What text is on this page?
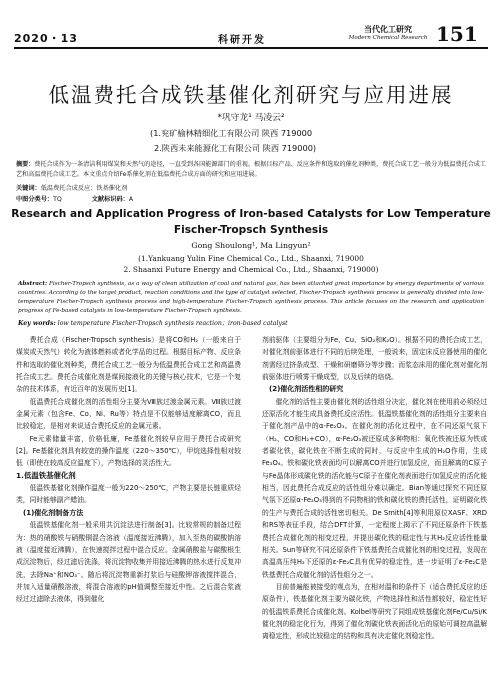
2020・13	科研开发
当代化工研究
Modern Chemical Research 151
低温费托合成铁基催化剂研究与应用进展
*巩守龙¹ 马凌云²
(1.兖矿榆林精细化工有限公司 陕西 719000
2.陕西未来能源化工有限公司 陕西 719000)
摘要：费托合成作为一条清洁利用煤炭和天然气的途径，一直受到各国能源部门的重视。根据目标产品、反应条件和选取的催化剂种类，费托合成工艺一般分为低温费托合成工艺和高温费托合成工艺。本文重点介绍Fe系催化剂在低温费托合成方面的研究和应用进展。
关键词：低温费托合成反应；铁基催化剂
中图分类号：TQ	文献标识码：A
Research and Application Progress of Iron-based Catalysts for Low Temperature Fischer-Tropsch Synthesis
Gong Shoulong¹, Ma Lingyun²
(1.Yankuang Yulin Fine Chemical Co., Ltd., Shaanxi, 719000
2. Shaanxi Future Energy and Chemical Co., Ltd., Shaanxi, 719000)
Abstract: Fischer-Tropsch synthesis, as a way of clean utilization of coal and natural gas, has been attached great importance by energy departments of various countries. According to the target product, reaction conditions and the type of catalyst selected, Fischer-Tropsch synthesis process is generally divided into low-temperature Fischer-Tropsch synthesis process and high-temperature Fischer-Tropsch synthesis process. This article focuses on the research and application progress of Fe-based catalysts in low-temperature Fischer-Tropsch synthesis.
Key words: low temperature Fischer-Tropsch synthesis reaction；iron-based catalyst

费托合成（Fischer-Tropsch synthesis）是将CO和H₂（一般来自于煤炭或天然气）转化为液体燃料或者化学品的过程。根据目标产物、反应条件和选取的催化剂种类，费托合成工艺一般分为低温费托合成工艺和高温费托合成工艺。费托合成催化剂是煤间接液化的关键与核心技术，它是一个复杂的技术体系，有近百年的发展历史[1]。

低温费托合成催化剂的活性组分主要为Ⅷ族过渡金属元素。Ⅷ族过渡金属元素（包含Fe、Co、Ni、Ru等）特点是不仅能够适度解离CO，而且比较稳定，是相对来说适合费托反应的金属元素。

Fe元素储量丰富，价格低廉，Fe基催化剂较早应用于费托合成研究[2]。Fe基催化剂具有较宽的操作温度（220～350℃），甲烷选择性相对较低（即使在较高反应温度下），产物选择的灵活性大。

1.低温铁基催化剂

低温铁基催化剂操作温度一般为220～250℃，产物主要是长链重质烃类，同时能够副产蜡油。

(1)催化剂制备方法

低温铁基催化剂一般采用共沉淀法进行制备[3]。比较常规的制备过程为：热的硝酸铁与硝酸铜混合溶液（温度接近沸腾），加入至热的碳酸钠溶液（温度接近沸腾），在快速搅拌过程中混合反应。金属硝酸盐与碳酸根生成沉淀物后，经过滤后洗涤，将沉淀物收集并用接近沸腾的热水进行反复冲洗，去除Na⁺和NO₃⁻。随后将沉淀物重新打浆后与硅酸钾溶液搅拌混合，并加入适量硝酸溶液，将混合溶液的pH值调整至接近中性。之后混合浆液经过过滤除去液体，得到催化

剂前驱体（主要组分为Fe、Cu、SiO₂和K₂O）。根据不同的费托合成工艺，对催化剂前驱体进行不同的后续处理，一般说来，固定床反应器使用的催化剂需经过挤条成型、干燥和研磨筛分等步骤；而浆态床用的催化剂对催化剂前驱体进行喷雾干燥成型，以及后续的焙烧。

(2)催化剂活性相的研究

催化剂的活性主要由催化剂的活性组分决定，催化剂在使用前必须经过还原活化才能生成具备费托反应活性。低温铁基催化剂的活性组分主要来自于催化剂产品中的α-Fe₂O₃。在催化剂的活化过程中，在不同还原气氛下（H₂、CO和H₂+CO），α-Fe₂O₃被还原成多种物相：氧化铁被还原为铁或者碳化铁，碳化铁在不断生成的同时，与反应中生成的H₂O作用，生成Fe₃O₄。铁和碳化铁表面均可以解离CO并进行加氢反应，而且解离的C原子与Fe晶体形成碳化铁的活化能与C原子在催化剂表面进行加氢反应的活化能相当，因此费托合成反应的活性组分难以确定。Bian等通过探究不同还原气氛下还原α-Fe₂O₃得到的不同物相的铁和碳化铁的费托活性，证明碳化铁的生产与费托合成的活性密切相关。De Smith[4]等利用原位XASF、XRD和RS等表征手段，结合DFT计算，一定程度上揭示了不同还原条件下铁基费托合成催化剂的相变过程，并提出碳化铁的稳定性与其H₂反应活性能量相关。Sun等研究不同还原条件下铁基费托合成催化剂的相变过程，发现在高温高压纯H₂下还原的ε-Fe₂C具有优异的稳定性，进一步证明了ε-Fe₂C是铁基费托合成催化剂的活性组分之一。

目前普遍能被接受的观点为，在相对温和的条件下（适合费托反应的还原条件），铁基催化剂主要为碳化铁，产物选择性和活性都较好，稳定性好的低温铁系费托合成催化剂。Kolbel等研究了同组成铁基催化剂Fe/Cu/Si/K催化剂的稳定化行为，得到了催化剂碳化铁表面活化后的原始可调控高温解离稳定性，形成比较稳定的结构和具有决定催化剂稳定性。
